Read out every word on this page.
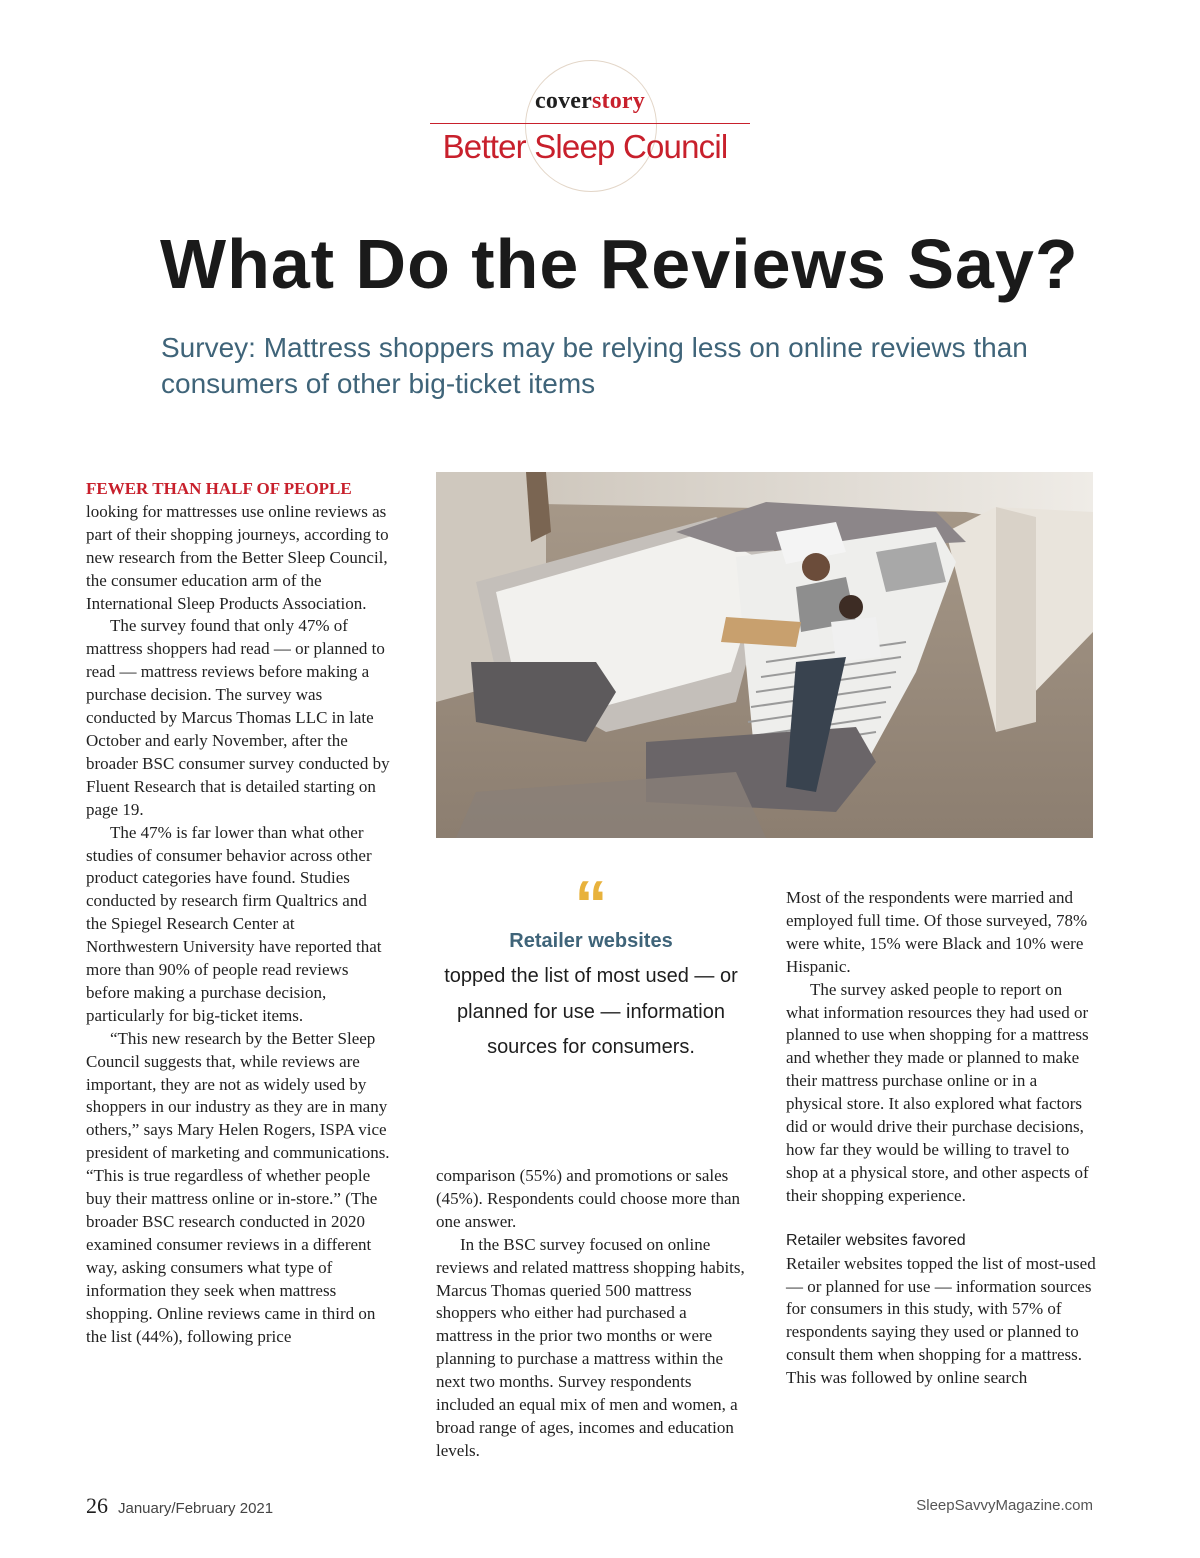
coverstory
Better Sleep Council
What Do the Reviews Say?
Survey: Mattress shoppers may be relying less on online reviews than consumers of other big-ticket items

FEWER THAN HALF OF PEOPLE
looking for mattresses use online reviews as part of their shopping journeys, according to new research from the Better Sleep Council, the consumer education arm of the International Sleep Products Association.

The survey found that only 47% of mattress shoppers had read — or planned to read — mattress reviews before making a purchase decision. The survey was conducted by Marcus Thomas LLC in late October and early November, after the broader BSC consumer survey conducted by Fluent Research that is detailed starting on page 19.

The 47% is far lower than what other studies of consumer behavior across other product categories have found. Studies conducted by research firm Qualtrics and the Spiegel Research Center at Northwestern University have reported that more than 90% of people read reviews before making a purchase decision, particularly for big-ticket items.

“This new research by the Better Sleep Council suggests that, while reviews are important, they are not as widely used by shoppers in our industry as they are in many others,” says Mary Helen Rogers, ISPA vice president of marketing and communications. “This is true regardless of whether people buy their mattress online or in-store.” (The broader BSC research conducted in 2020 examined consumer reviews in a different way, asking consumers what type of information they seek when mattress shopping. Online reviews came in third on the list (44%), following price

“
Retailer websites
topped the list of most used — or planned for use — information sources for consumers.

comparison (55%) and promotions or sales (45%). Respondents could choose more than one answer.

In the BSC survey focused on online reviews and related mattress shopping habits, Marcus Thomas queried 500 mattress shoppers who either had purchased a mattress in the prior two months or were planning to purchase a mattress within the next two months. Survey respondents included an equal mix of men and women, a broad range of ages, incomes and education levels.

Most of the respondents were married and employed full time. Of those surveyed, 78% were white, 15% were Black and 10% were Hispanic.

The survey asked people to report on what information resources they had used or planned to use when shopping for a mattress and whether they made or planned to make their mattress purchase online or in a physical store. It also explored what factors did or would drive their purchase decisions, how far they would be willing to travel to shop at a physical store, and other aspects of their shopping experience.

Retailer websites favored

Retailer websites topped the list of most-used — or planned for use — information sources for consumers in this study, with 57% of respondents saying they used or planned to consult them when shopping for a mattress. This was followed by online search

26 January/February 2021	SleepSavvyMagazine.com
